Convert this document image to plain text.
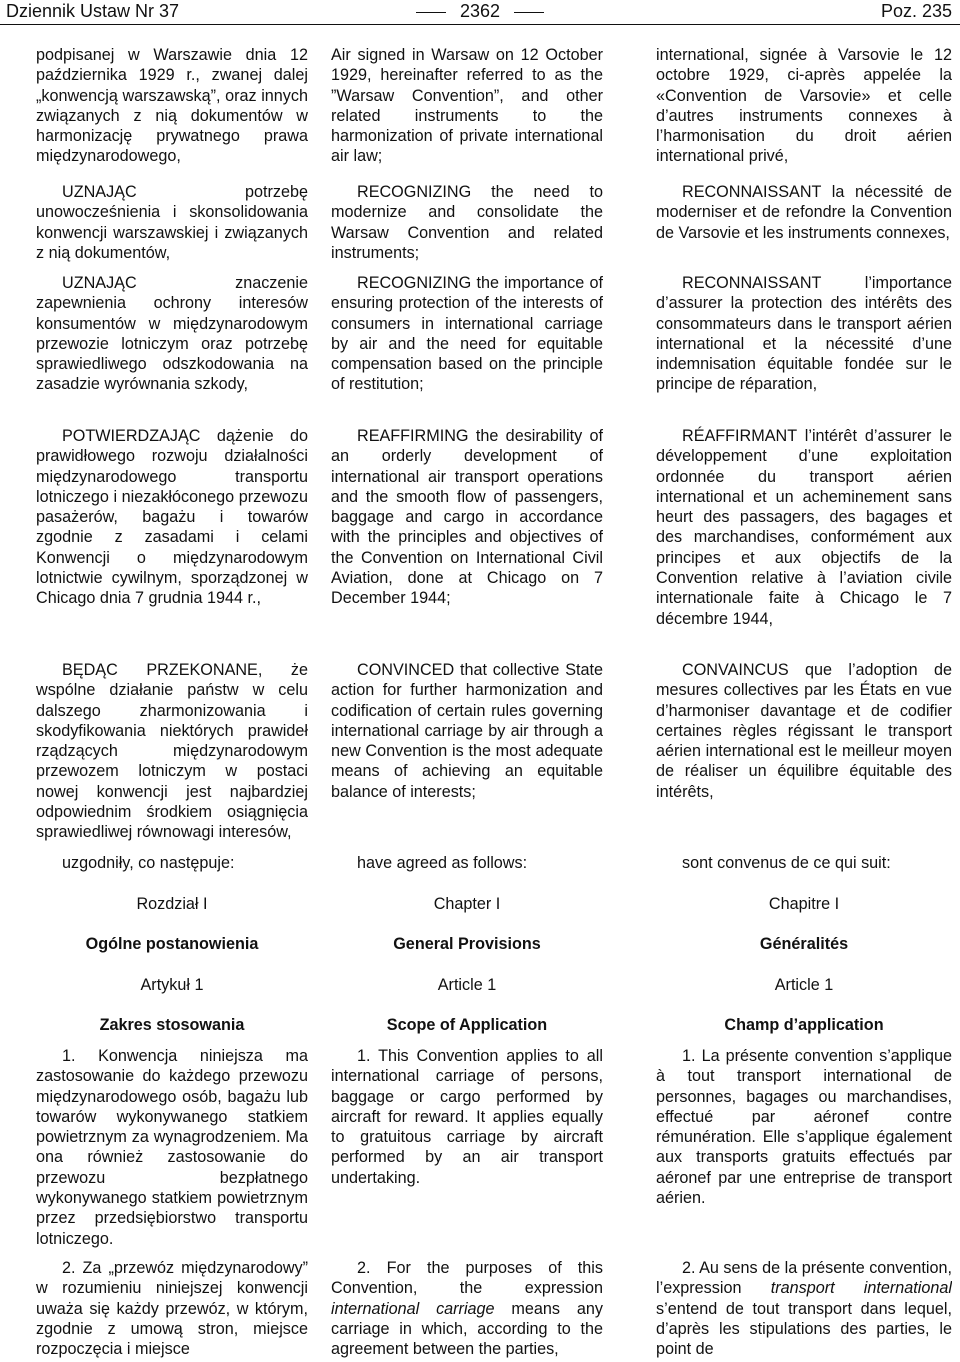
Dziennik Ustaw Nr 37	2362	Poz. 235

podpisanej w Warszawie dnia 12 października 1929 r., zwanej dalej „konwencją warszawską”, oraz innych związanych z nią dokumentów w harmonizację prywatnego prawa międzynarodowego,

UZNAJĄC potrzebę unowocześnienia i skonsolidowania konwencji warszawskiej i związanych z nią dokumentów,

UZNAJĄC znaczenie zapewnienia ochrony interesów konsumentów w międzynarodowym przewozie lotniczym oraz potrzebę sprawiedliwego odszkodowania na zasadzie wyrównania szkody,

POTWIERDZAJĄC dążenie do prawidłowego rozwoju działalności międzynarodowego transportu lotniczego i niezakłóconego przewozu pasażerów, bagażu i towarów zgodnie z zasadami i celami Konwencji o międzynarodowym lotnictwie cywilnym, sporządzonej w Chicago dnia 7 grudnia 1944 r.,

BĘDĄC PRZEKONANE, że wspólne działanie państw w celu dalszego zharmonizowania i skodyfikowania niektórych prawideł rządzących międzynarodowym przewozem lotniczym w postaci nowej konwencji jest najbardziej odpowiednim środkiem osiągnięcia sprawiedliwej równowagi interesów,

uzgodniły, co następuje:

Rozdział I

Ogólne postanowienia

Artykuł 1

Zakres stosowania

1. Konwencja niniejsza ma zastosowanie do każdego przewozu międzynarodowego osób, bagażu lub towarów wykonywanego statkiem powietrznym za wynagrodzeniem. Ma ona również zastosowanie do przewozu bezpłatnego wykonywanego statkiem powietrznym przez przedsiębiorstwo transportu lotniczego.

2. Za „przewóz międzynarodowy” w rozumieniu niniejszej konwencji uważa się każdy przewóz, w którym, zgodnie z umową stron, miejsce rozpoczęcia i miejsce

Air signed in Warsaw on 12 October 1929, hereinafter referred to as the ”Warsaw Convention”, and other related instruments to the harmonization of private international air law;

RECOGNIZING the need to modernize and consolidate the Warsaw Convention and related instruments;

RECOGNIZING the importance of ensuring protection of the interests of consumers in international carriage by air and the need for equitable compensation based on the principle of restitution;

REAFFIRMING the desirability of an orderly development of international air transport operations and the smooth flow of passengers, baggage and cargo in accordance with the principles and objectives of the Convention on International Civil Aviation, done at Chicago on 7 December 1944;

CONVINCED that collective State action for further harmonization and codification of certain rules governing international carriage by air through a new Convention is the most adequate means of achieving an equitable balance of interests;

have agreed as follows:

Chapter I

General Provisions

Article 1

Scope of Application

1. This Convention applies to all international carriage of persons, baggage or cargo performed by aircraft for reward. It applies equally to gratuitous carriage by aircraft performed by an air transport undertaking.

2. For the purposes of this Convention, the expression international carriage means any carriage in which, according to the agreement between the parties,

international, signée à Varsovie le 12 octobre 1929, ci-après appelée la «Convention de Varsovie» et celle d’autres instruments connexes à l’harmonisation du droit aérien international privé,

RECONNAISSANT la nécessité de moderniser et de refondre la Convention de Varsovie et les instruments connexes,

RECONNAISSANT l’importance d’assurer la protection des intérêts des consommateurs dans le transport aérien international et la nécessité d’une indemnisation équitable fondée sur le principe de réparation,

RÉAFFIRMANT l’intérêt d’assurer le développement d’une exploitation ordonnée du transport aérien international et un acheminement sans heurt des passagers, des bagages et des marchandises, conformément aux principes et aux objectifs de la Convention relative à l’aviation civile internationale faite à Chicago le 7 décembre 1944,

CONVAINCUS que l’adoption de mesures collectives par les États en vue d’harmoniser davantage et de codifier certaines règles régissant le transport aérien international est le meilleur moyen de réaliser un équilibre équitable des intérêts,

sont convenus de ce qui suit:

Chapitre I

Généralités

Article 1

Champ d’application

1. La présente convention s’applique à tout transport international de personnes, bagages ou marchandises, effectué par aéronef contre rémunération. Elle s’applique également aux transports gratuits effectués par aéronef par une entreprise de transport aérien.

2. Au sens de la présente convention, l’expression transport international s’entend de tout transport dans lequel, d’après les stipulations des parties, le point de
